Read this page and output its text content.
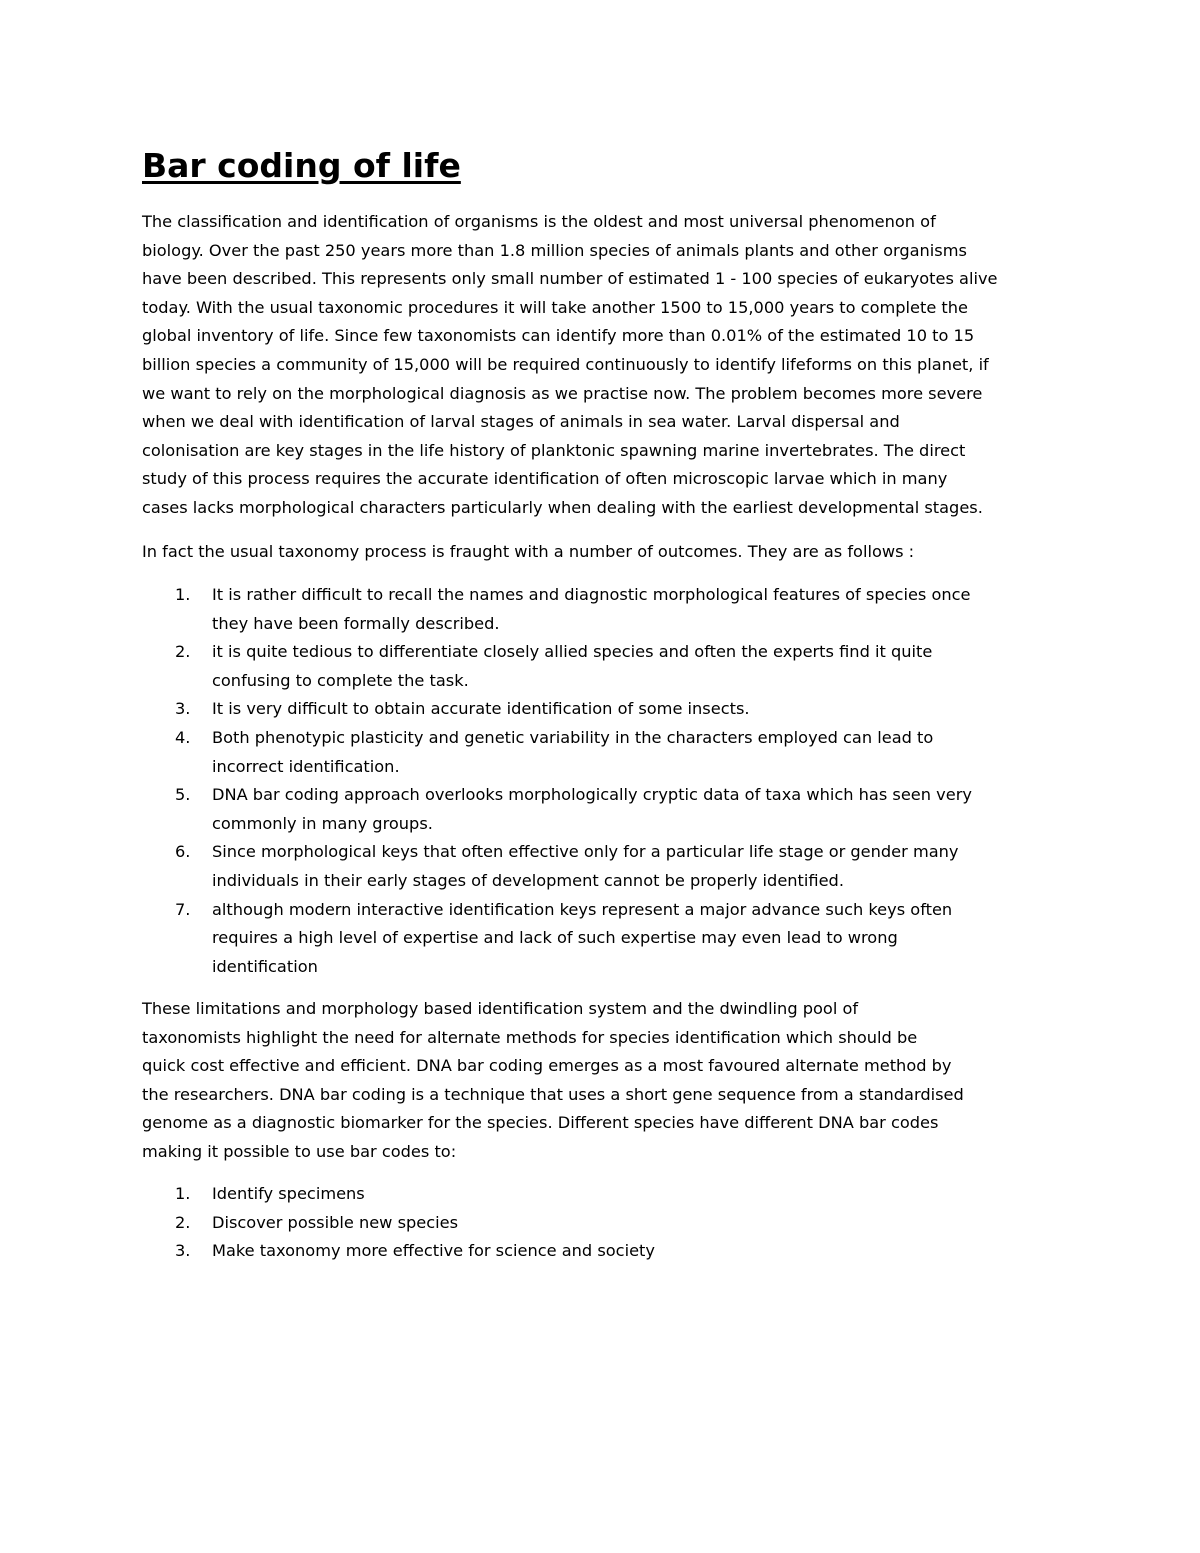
Bar coding of life

The classification and identification of organisms is the oldest and most universal phenomenon of
biology. Over the past 250 years more than 1.8 million species of animals plants and other organisms
have been described. This represents only small number of estimated 1 - 100 species of eukaryotes alive
today. With the usual taxonomic procedures it will take another 1500 to 15,000 years to complete the
global inventory of life. Since few taxonomists can identify more than 0.01% of the estimated 10 to 15
billion species a community of 15,000 will be required continuously to identify lifeforms on this planet, if
we want to rely on the morphological diagnosis as we practise now. The problem becomes more severe
when we deal with identification of larval stages of animals in sea water. Larval dispersal and
colonisation are key stages in the life history of planktonic spawning marine invertebrates. The direct
study of this process requires the accurate identification of often microscopic larvae which in many
cases lacks morphological characters particularly when dealing with the earliest developmental stages.

In fact the usual taxonomy process is fraught with a number of outcomes. They are as follows :

1. It is rather difficult to recall the names and diagnostic morphological features of species once
they have been formally described.
2. it is quite tedious to differentiate closely allied species and often the experts find it quite
confusing to complete the task.
3. It is very difficult to obtain accurate identification of some insects.
4. Both phenotypic plasticity and genetic variability in the characters employed can lead to
incorrect identification.
5. DNA bar coding approach overlooks morphologically cryptic data of taxa which has seen very
commonly in many groups.
6. Since morphological keys that often effective only for a particular life stage or gender many
individuals in their early stages of development cannot be properly identified.
7. although modern interactive identification keys represent a major advance such keys often
requires a high level of expertise and lack of such expertise may even lead to wrong
identification

These limitations and morphology based identification system and the dwindling pool of
taxonomists highlight the need for alternate methods for species identification which should be
quick cost effective and efficient. DNA bar coding emerges as a most favoured alternate method by
the researchers. DNA bar coding is a technique that uses a short gene sequence from a standardised
genome as a diagnostic biomarker for the species. Different species have different DNA bar codes
making it possible to use bar codes to:

1. Identify specimens
2. Discover possible new species
3. Make taxonomy more effective for science and society
